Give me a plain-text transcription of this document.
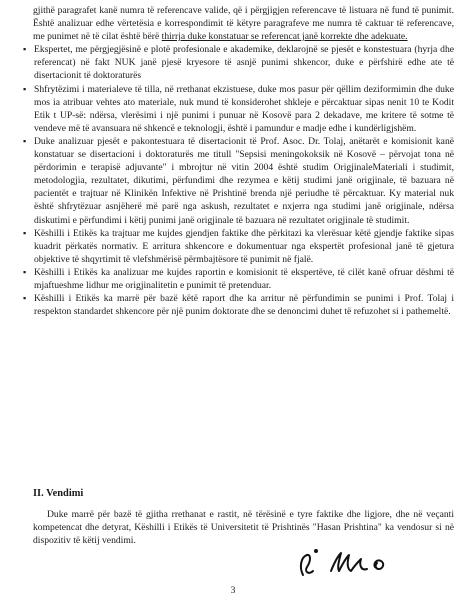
gjithë paragrafet kanë numra të referencave valide, që i përgjigjen referencave të listuara në fund të punimit. Është analizuar edhe vërtetësia e korrespondimit të këtyre paragrafeve me numra të caktuar të referencave, me punimet në të cilat është bërë thirrja duke konstatuar se referencat janë korrekte dhe adekuate.

▪ Ekspertet, me përgjegjësinë e plotë profesionale e akademike, deklarojnë se pjesët e konstestuara (hyrja dhe referencat) në fakt NUK janë pjesë kryesore të asnjë punimi shkencor, duke e përfshirë edhe ate të disertacionit të doktoraturës
▪ Shfrytëzimi i materialeve të tilla, në rrethanat ekzistuese, duke mos pasur për qëllim deziformimin dhe duke mos ia atribuar vehtes ato materiale, nuk mund të konsiderohet shkleje e përcaktuar sipas nenit 10 te Kodit Etik t UP-së: ndërsa, vlerësimi i një punimi i punuar në Kosovë para 2 dekadave, me kritere të sotme të vendeve më të avansuara në shkencë e teknologji, është i pamundur e madje edhe i kundërligjshëm.
▪ Duke analizuar pjesët e pakontestuara të disertacionit të Prof. Asoc. Dr. Tolaj, anëtarët e komisionit kanë konstatuar se disertacioni i doktoraturës me titull "Sepsisi meningokoksik në Kosovë – përvojat tona në përdorimin e terapisë adjuvante" i mbrojtur në vitin 2004 është studim OrigjinaleMateriali i studimit, metodologjia, rezultatet, dikutimi, përfundimi dhe rezymea e këtij studimi janë origjinale, të bazuara në pacientët e trajtuar në Klinikën Infektive në Prishtinë brenda një periudhe të përcaktuar. Ky material nuk është shfrytëzuar asnjëherë më parë nga askush, rezultatet e nxjerra nga studimi janë origjinale, ndërsa diskutimi e përfundimi i këtij punimi janë origjinale të bazuara në rezultatet origjinale të studimit.
▪ Këshilli i Etikës ka trajtuar me kujdes gjendjen faktike dhe përkitazi ka vlerësuar këtë gjendje faktike sipas kuadrit përkatës normativ. E arritura shkencore e dokumentuar nga ekspertët profesional janë të gjetura objektive të shqyrtimit të vlefshmërisë përmbajtësore të punimit në fjalë.
▪ Këshilli i Etikës ka analizuar me kujdes raportin e komisionit të ekspertëve, të cilët kanë ofruar dëshmi të mjaftueshme lidhur me origjinalitetin e punimit të pretenduar.
▪ Këshilli i Etikës ka marrë për bazë këtë raport dhe ka arritur në përfundimin se punimi i Prof. Tolaj i respekton standardet shkencore për një punim doktorate dhe se denoncimi duhet të refuzohet si i pathemeltë.
II. Vendimi

Duke marrë për bazë të gjitha rrethanat e rastit, në tërësinë e tyre faktike dhe ligjore, dhe në veçanti kompetencat dhe detyrat, Këshilli i Etikës të Universitetit të Prishtinës "Hasan Prishtina" ka vendosur si në dispozitiv të këtij vendimi.

3
